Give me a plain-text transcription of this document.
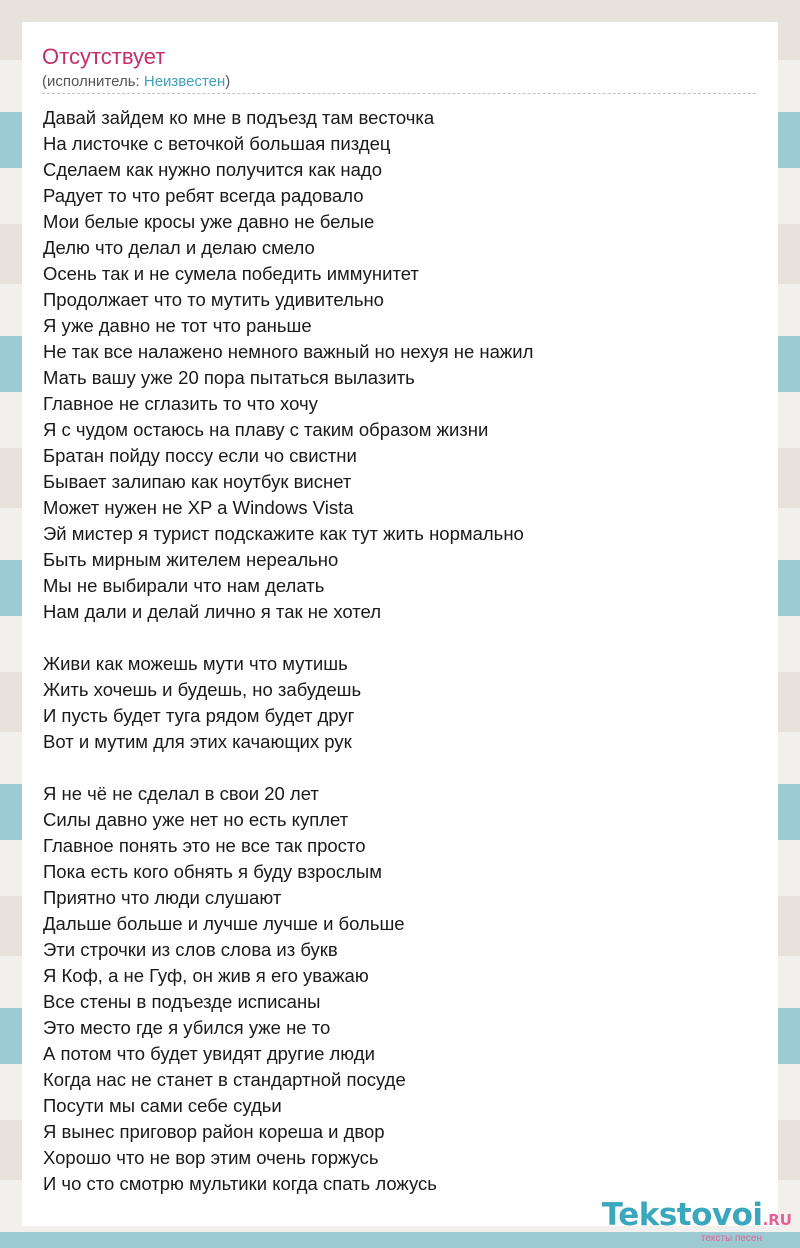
Отсутствует
(исполнитель: Неизвестен)
Давай зайдем ко мне в подъезд там весточка
На листочке с веточкой большая пиздец
Сделаем как нужно получится как надо
Радует то что ребят всегда радовало
Мои белые кросы уже давно не белые
Делю что делал и делаю смело
Осень так и не сумела победить иммунитет
Продолжает что то мутить удивительно
Я уже давно не тот что раньше
Не так все налажено немного важный но нехуя не нажил
Мать вашу уже 20 пора пытаться вылазить
Главное не сглазить то что хочу
Я с чудом остаюсь на плаву с таким образом жизни
Братан пойду поссу если чо свистни
Бывает залипаю как ноутбук виснет
Может нужен не XP а Windows Vista
Эй мистер я турист подскажите как тут жить нормально
Быть мирным жителем нереально
Мы не выбирали что нам делать
Нам дали и делай лично я так не хотел
Живи как можешь мути что мутишь
Жить хочешь и будешь, но забудешь
И пусть будет туга рядом будет друг
Вот и мутим для этих качающих рук
Я не чё не сделал в свои 20 лет
Силы давно уже нет но есть куплет
Главное понять это не все так просто
Пока есть кого обнять я буду взрослым
Приятно что люди слушают
Дальше больше и лучше лучше и больше
Эти строчки из слов слова из букв
Я Коф, а не Гуф, он жив я его уважаю
Все стены в подъезде исписаны
Это место где я убился уже не то
А потом что будет увидят другие люди
Когда нас не станет в стандартной посуде
Посути мы сами себе судьи
Я вынес приговор район кореша и двор
Хорошо что не вор этим очень горжусь
И чо сто смотрю мультики когда спать ложусь
Tekstovoi.RU
тексты песен
